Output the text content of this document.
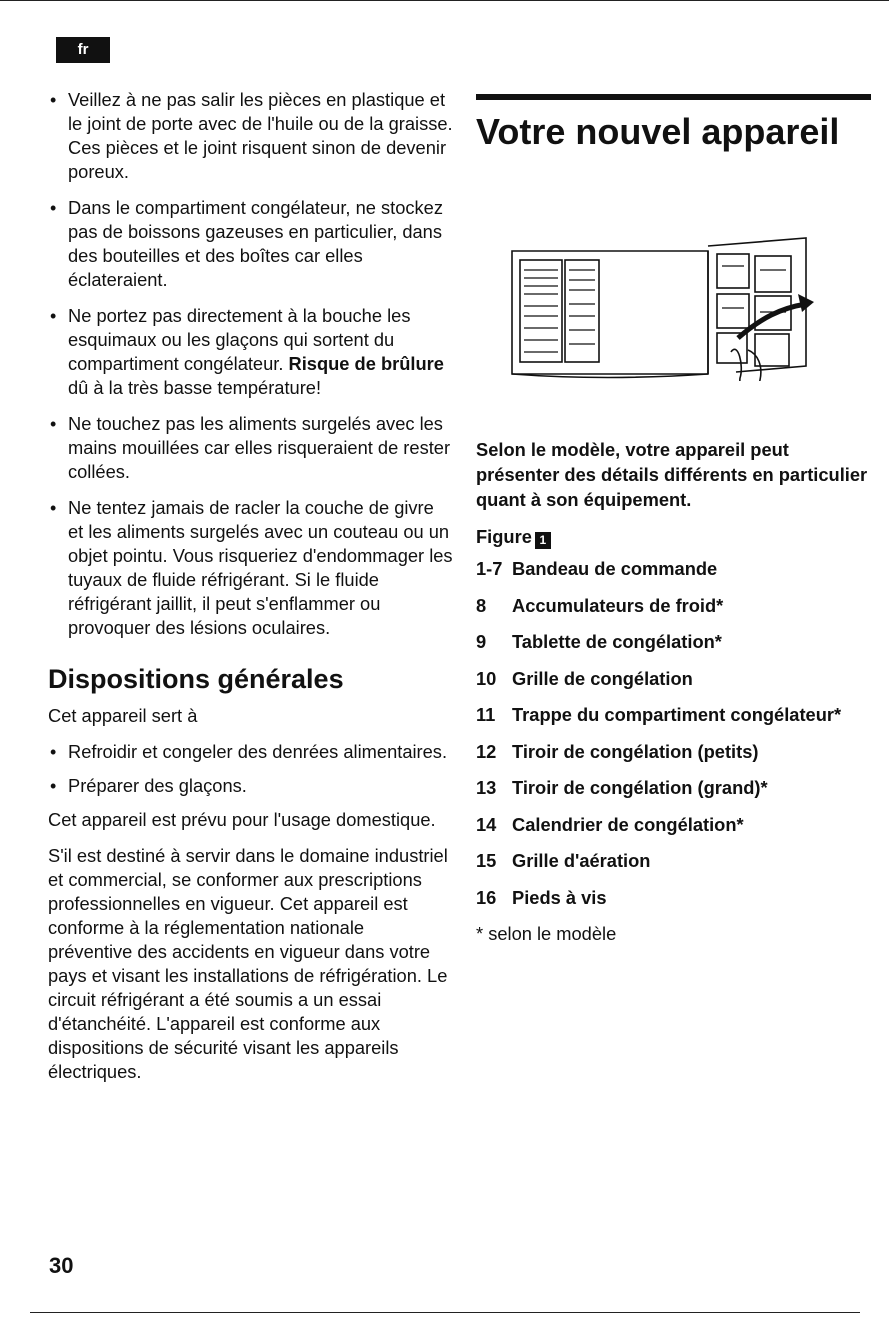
fr
• Veillez à ne pas salir les pièces en plastique et le joint de porte avec de l'huile ou de la graisse. Ces pièces et le joint risquent sinon de devenir poreux.
• Dans le compartiment congélateur, ne stockez pas de boissons gazeuses en particulier, dans des bouteilles et des boîtes car elles éclateraient.
• Ne portez pas directement à la bouche les esquimaux ou les glaçons qui sortent du compartiment congélateur. Risque de brûlure dû à la très basse température!
• Ne touchez pas les aliments surgelés avec les mains mouillées car elles risqueraient de rester collées.
• Ne tentez jamais de racler la couche de givre et les aliments surgelés avec un couteau ou un objet pointu. Vous risqueriez d'endommager les tuyaux de fluide réfrigérant. Si le fluide réfrigérant jaillit, il peut s'enflammer ou provoquer des lésions oculaires.
Dispositions générales

Cet appareil sert à

• Refroidir et congeler des denrées alimentaires.
• Préparer des glaçons.

Cet appareil est prévu pour l'usage domestique.

S'il est destiné à servir dans le domaine industriel et commercial, se conformer aux prescriptions professionnelles en vigueur. Cet appareil est conforme à la réglementation nationale préventive des accidents en vigueur dans votre pays et visant les installations de réfrigération. Le circuit réfrigérant a été soumis a un essai d'étanchéité. L'appareil est conforme aux dispositions de sécurité visant les appareils électriques.

Votre nouvel appareil

Selon le modèle, votre appareil peut présenter des détails différents en particulier quant à son équipement.

Figure 1
1-7 Bandeau de commande
8	Accumulateurs de froid*
9	Tablette de congélation*
10 Grille de congélation
11 Trappe du compartiment congélateur*
12 Tiroir de congélation (petits)
13 Tiroir de congélation (grand)*
14 Calendrier de congélation*
15 Grille d'aération
16 Pieds à vis
* selon le modèle
30
